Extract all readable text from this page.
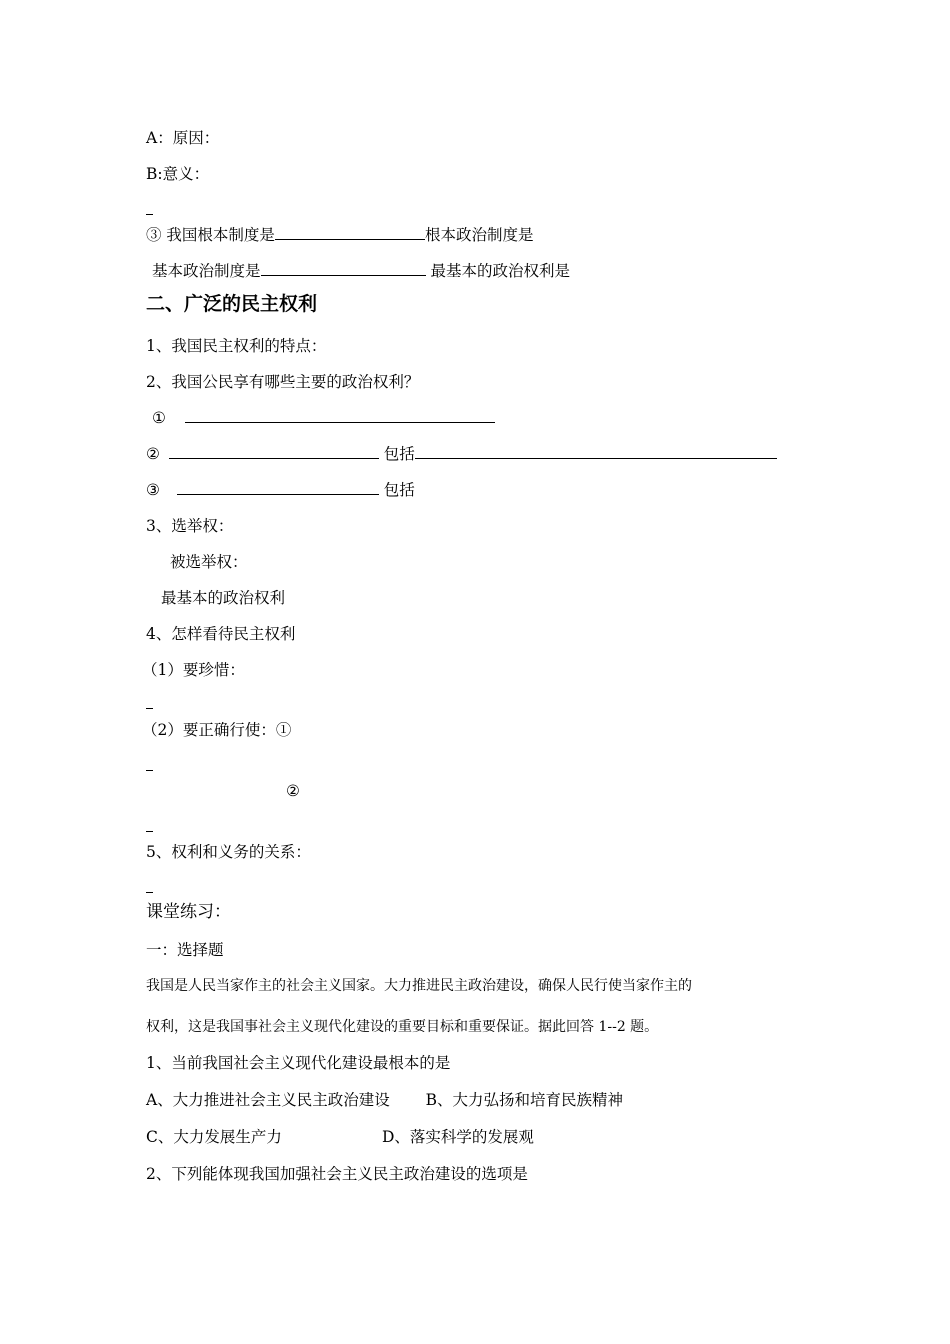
A：原因：
B:意义：
③ 我国根本制度是	根本政治制度是
基本政治制度是	最基本的政治权利是
二、广泛的民主权利
1、我国民主权利的特点：
2、我国公民享有哪些主要的政治权利？
①
②	包括
③	包括
3、选举权：
被选举权：
最基本的政治权利
4、怎样看待民主权利
（1）要珍惜：
（2）要正确行使：①
②
5、权利和义务的关系：
课堂练习：
一：选择题
我国是人民当家作主的社会主义国家。大力推进民主政治建设，确保人民行使当家作主的
权利，这是我国事社会主义现代化建设的重要目标和重要保证。据此回答 1--2 题。
1、当前我国社会主义现代化建设最根本的是
A、大力推进社会主义民主政治建设 B、大力弘扬和培育民族精神
C、大力发展生产力	D、落实科学的发展观
2、下列能体现我国加强社会主义民主政治建设的选项是
